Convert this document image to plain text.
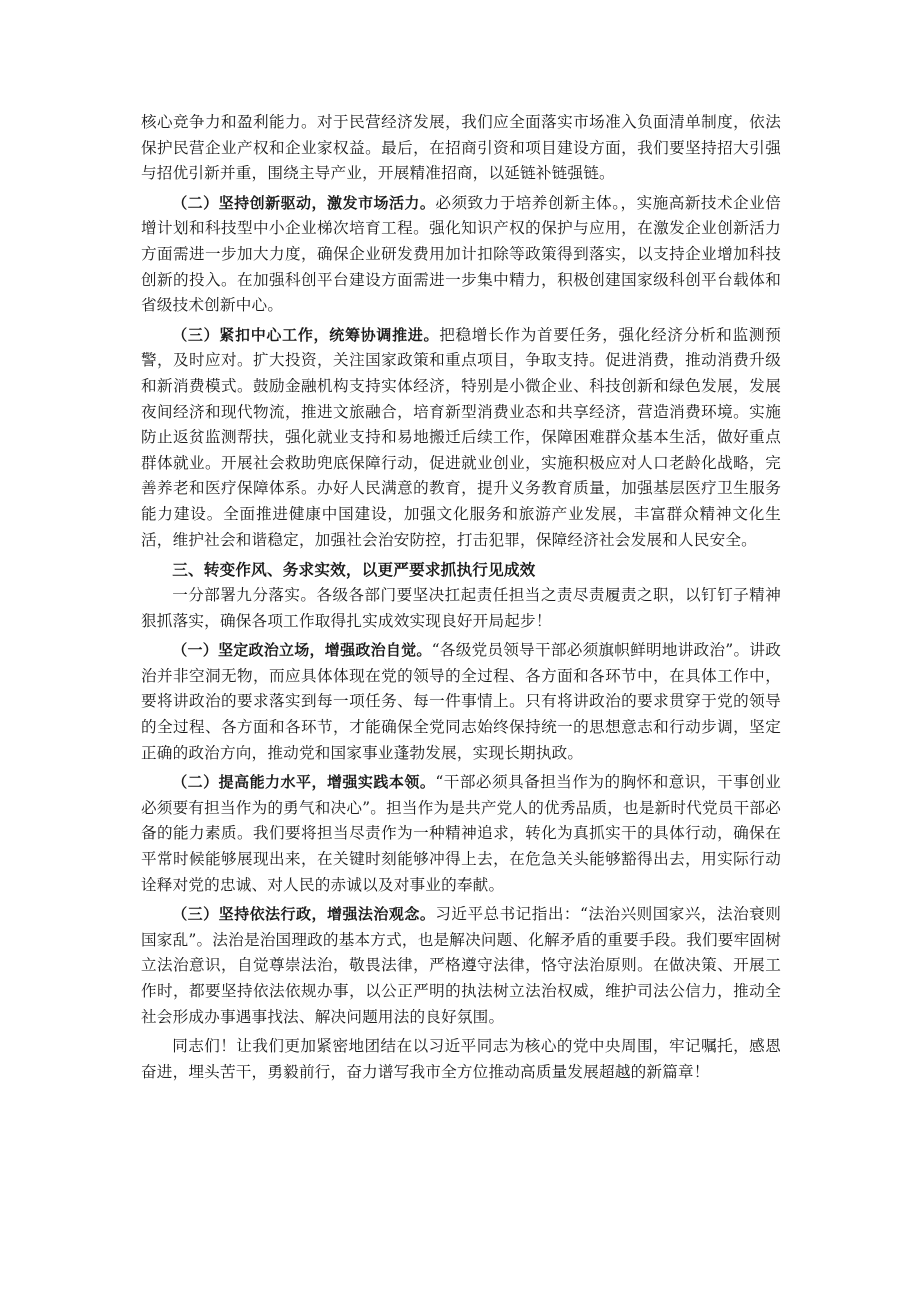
核心竞争力和盈利能力。对于民营经济发展，我们应全面落实市场准入负面清单制度，依法保护民营企业产权和企业家权益。最后，在招商引资和项目建设方面，我们要坚持招大引强与招优引新并重，围绕主导产业，开展精准招商，以延链补链强链。

（二）坚持创新驱动，激发市场活力。必须致力于培养创新主体。，实施高新技术企业倍增计划和科技型中小企业梯次培育工程。强化知识产权的保护与应用，在激发企业创新活力方面需进一步加大力度，确保企业研发费用加计扣除等政策得到落实，以支持企业增加科技创新的投入。在加强科创平台建设方面需进一步集中精力，积极创建国家级科创平台载体和省级技术创新中心。

（三）紧扣中心工作，统筹协调推进。把稳增长作为首要任务，强化经济分析和监测预警，及时应对。扩大投资，关注国家政策和重点项目，争取支持。促进消费，推动消费升级和新消费模式。鼓励金融机构支持实体经济，特别是小微企业、科技创新和绿色发展，发展夜间经济和现代物流，推进文旅融合，培育新型消费业态和共享经济，营造消费环境。实施防止返贫监测帮扶，强化就业支持和易地搬迁后续工作，保障困难群众基本生活，做好重点群体就业。开展社会救助兜底保障行动，促进就业创业，实施积极应对人口老龄化战略，完善养老和医疗保障体系。办好人民满意的教育，提升义务教育质量，加强基层医疗卫生服务能力建设。全面推进健康中国建设，加强文化服务和旅游产业发展，丰富群众精神文化生活，维护社会和谐稳定，加强社会治安防控，打击犯罪，保障经济社会发展和人民安全。

三、转变作风、务求实效，以更严要求抓执行见成效

一分部署九分落实。各级各部门要坚决扛起责任担当之责尽责履责之职，以钉钉子精神狠抓落实，确保各项工作取得扎实成效实现良好开局起步！

（一）坚定政治立场，增强政治自觉。“各级党员领导干部必须旗帜鲜明地讲政治”。讲政治并非空洞无物，而应具体体现在党的领导的全过程、各方面和各环节中，在具体工作中，要将讲政治的要求落实到每一项任务、每一件事情上。只有将讲政治的要求贯穿于党的领导的全过程、各方面和各环节，才能确保全党同志始终保持统一的思想意志和行动步调，坚定正确的政治方向，推动党和国家事业蓬勃发展，实现长期执政。

（二）提高能力水平，增强实践本领。“干部必须具备担当作为的胸怀和意识，干事创业必须要有担当作为的勇气和决心”。担当作为是共产党人的优秀品质，也是新时代党员干部必备的能力素质。我们要将担当尽责作为一种精神追求，转化为真抓实干的具体行动，确保在平常时候能够展现出来，在关键时刻能够冲得上去，在危急关头能够豁得出去，用实际行动诠释对党的忠诚、对人民的赤诚以及对事业的奉献。

（三）坚持依法行政，增强法治观念。习近平总书记指出：“法治兴则国家兴，法治衰则国家乱”。法治是治国理政的基本方式，也是解决问题、化解矛盾的重要手段。我们要牢固树立法治意识，自觉尊崇法治，敬畏法律，严格遵守法律，恪守法治原则。在做决策、开展工作时，都要坚持依法依规办事，以公正严明的执法树立法治权威，维护司法公信力，推动全社会形成办事遇事找法、解决问题用法的良好氛围。

同志们！让我们更加紧密地团结在以习近平同志为核心的党中央周围，牢记嘱托，感恩奋进，埋头苦干，勇毅前行，奋力谱写我市全方位推动高质量发展超越的新篇章！
